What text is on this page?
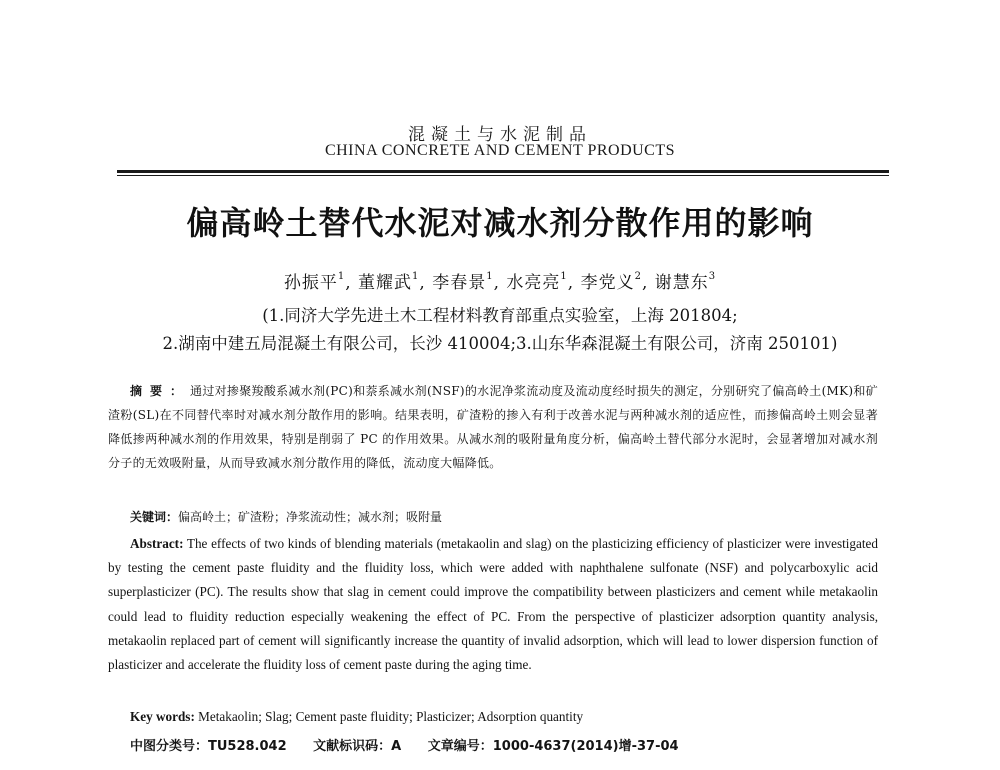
混凝土与水泥制品
CHINA CONCRETE AND CEMENT PRODUCTS
偏高岭土替代水泥对减水剂分散作用的影响
孙振平$^1$, 董耀武$^1$, 李春景$^1$, 水亮亮$^1$, 李党义$^2$, 谢慧东$^3$
(1.同济大学先进土木工程材料教育部重点实验室，上海 201804;
2.湖南中建五局混凝土有限公司，长沙 410004;3.山东华森混凝土有限公司，济南 250101)
摘要：通过对掺聚羧酸系减水剂(PC)和萘系减水剂(NSF)的水泥净浆流动度及流动度经时损失的测定，分别研究了偏高岭土(MK)和矿渣粉(SL)在不同替代率时对减水剂分散作用的影响。结果表明，矿渣粉的掺入有利于改善水泥与两种减水剂的适应性，而掺偏高岭土则会显著降低掺两种减水剂的作用效果，特别是削弱了 PC 的作用效果。从减水剂的吸附量角度分析，偏高岭土替代部分水泥时，会显著增加对减水剂分子的无效吸附量，从而导致减水剂分散作用的降低，流动度大幅降低。
关键词：偏高岭土；矿渣粉；净浆流动性；减水剂；吸附量
Abstract: The effects of two kinds of blending materials (metakaolin and slag) on the plasticizing efficiency of plasticizer were investigated by testing the cement paste fluidity and the fluidity loss, which were added with naphthalene sulfonate (NSF) and polycarboxylic acid superplasticizer (PC). The results show that slag in cement could improve the compatibility between plasticizers and cement while metakaolin could lead to fluidity reduction especially weakening the effect of PC. From the perspective of plasticizer adsorption quantity analysis, metakaolin replaced part of cement will significantly increase the quantity of invalid adsorption, which will lead to lower dispersion function of plasticizer and accelerate the fluidity loss of cement paste during the aging time.
Key words: Metakaolin; Slag; Cement paste fluidity; Plasticizer; Adsorption quantity
中图分类号：TU528.042 文献标识码：A 文章编号：1000-4637(2014)增-37-04
